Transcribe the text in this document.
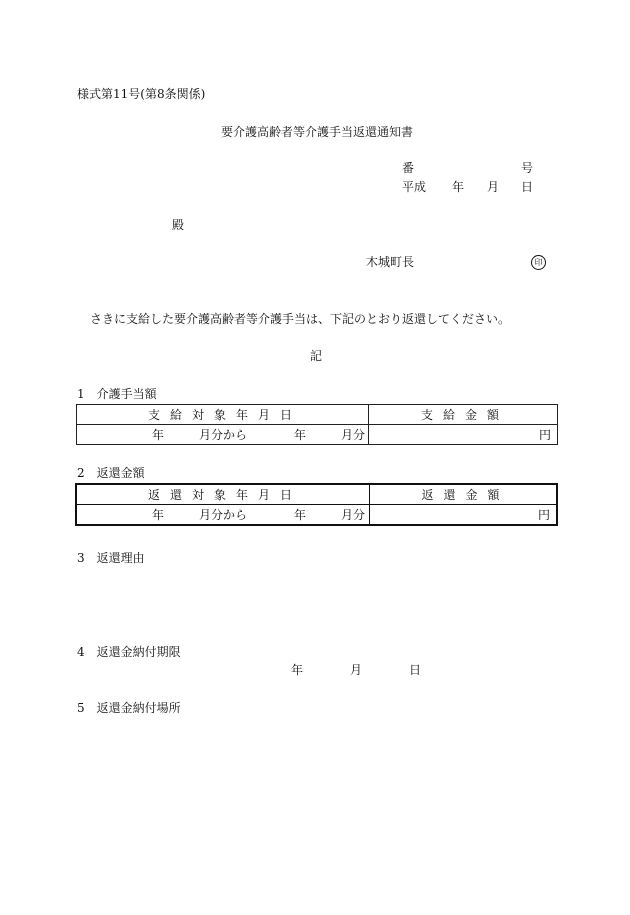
様式第11号(第8条関係)
要介護高齢者等介護手当返還通知書
番	号
平成 年 月 日
殿
木城町長	印
さきに支給した要介護高齢者等介護手当は、下記のとおり返還してください。
記
1　介護手当額
支 給 対 象 年 月 日	支 給 金 額

年 月分から 年 月分	円
2　返還金額
返 還 対 象 年 月 日	返 還 金 額

年 月分から 年 月分	円
3　返還理由
4　返還金納付期限
年	月	日
5　返還金納付場所
